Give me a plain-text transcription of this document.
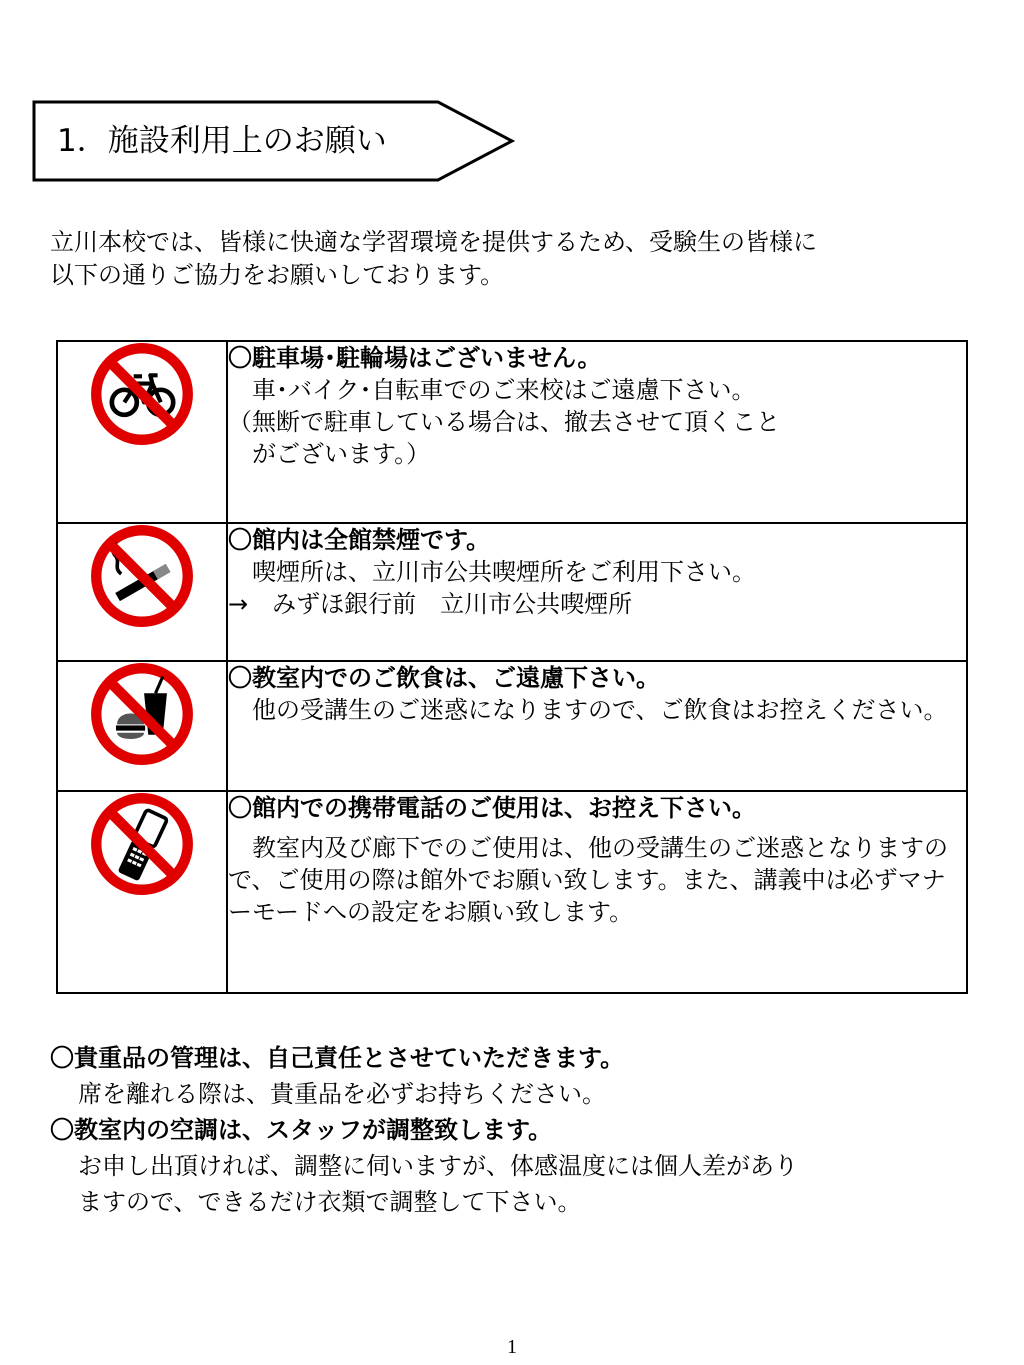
1．施設利用上のお願い
立川本校では、皆様に快適な学習環境を提供するため、受験生の皆様に
以下の通りご協力をお願いしております。

〇駐車場･駐輪場はございません。
　車･バイク･自転車でのご来校はご遠慮下さい。
（無断で駐車している場合は、撤去させて頂くこと
　がございます。）

〇館内は全館禁煙です。
　喫煙所は、立川市公共喫煙所をご利用下さい。
→　みずほ銀行前　立川市公共喫煙所

〇教室内でのご飲食は、ご遠慮下さい。
　他の受講生のご迷惑になりますので、ご飲食はお控えください。

〇館内での携帯電話のご使用は、お控え下さい。
　教室内及び廊下でのご使用は、他の受講生のご迷惑となりますので、ご使用の際は館外でお願い致します。また、講義中は必ずマナーモードへの設定をお願い致します。
〇貴重品の管理は、自己責任とさせていただきます。
席を離れる際は、貴重品を必ずお持ちください。
〇教室内の空調は、スタッフが調整致します。
お申し出頂ければ、調整に伺いますが、体感温度には個人差があり
ますので、できるだけ衣類で調整して下さい。
1
